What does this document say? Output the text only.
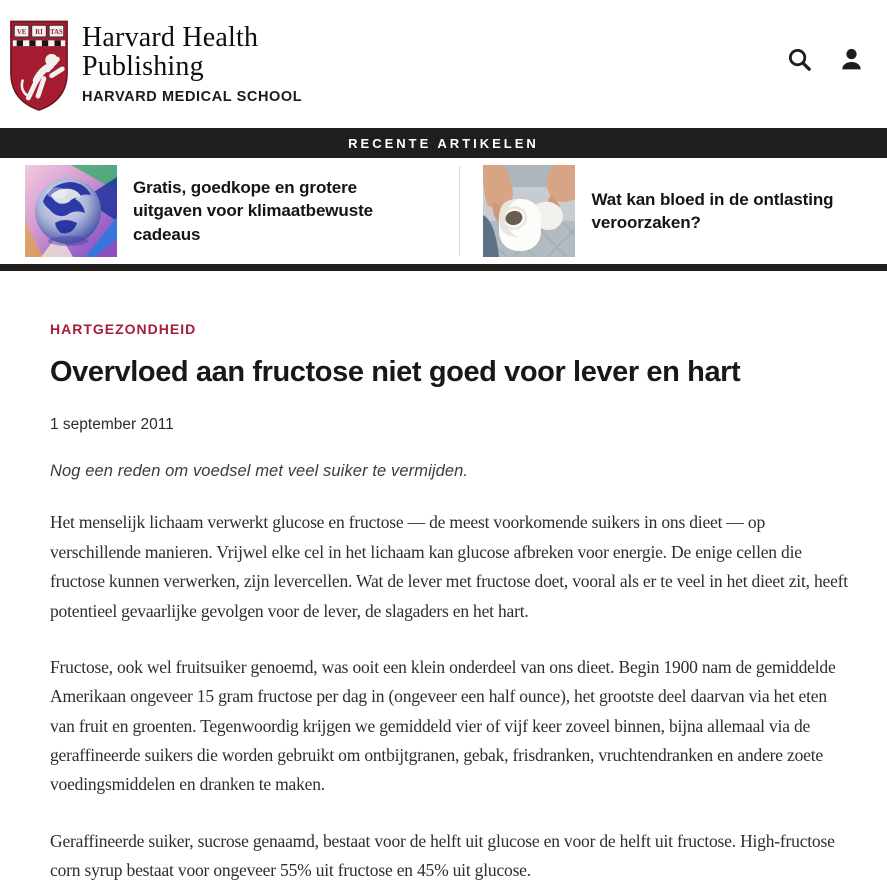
VE RI TAS Harvard Health
Publishing
HARVARD MEDICAL SCHOOL
RECENTE ARTIKELEN
Gratis, goedkope en grotere uitgaven voor klimaatbewuste cadeaus
Wat kan bloed in de ontlasting veroorzaken?
HARTGEZONDHEID
Overvloed aan fructose niet goed voor lever en hart
1 september 2011

Nog een reden om voedsel met veel suiker te vermijden.

Het menselijk lichaam verwerkt glucose en fructose — de meest voorkomende suikers in ons dieet — op verschillende manieren. Vrijwel elke cel in het lichaam kan glucose afbreken voor energie. De enige cellen die fructose kunnen verwerken, zijn levercellen. Wat de lever met fructose doet, vooral als er te veel in het dieet zit, heeft potentieel gevaarlijke gevolgen voor de lever, de slagaders en het hart.

Fructose, ook wel fruitsuiker genoemd, was ooit een klein onderdeel van ons dieet. Begin 1900 nam de gemiddelde Amerikaan ongeveer 15 gram fructose per dag in (ongeveer een half ounce), het grootste deel daarvan via het eten van fruit en groenten. Tegenwoordig krijgen we gemiddeld vier of vijf keer zoveel binnen, bijna allemaal via de geraffineerde suikers die worden gebruikt om ontbijtgranen, gebak, frisdranken, vruchtendranken en andere zoete voedingsmiddelen en dranken te maken.

Geraffineerde suiker, sucrose genaamd, bestaat voor de helft uit glucose en voor de helft uit fructose. High-fructose corn syrup bestaat voor ongeveer 55% uit fructose en 45% uit glucose.
